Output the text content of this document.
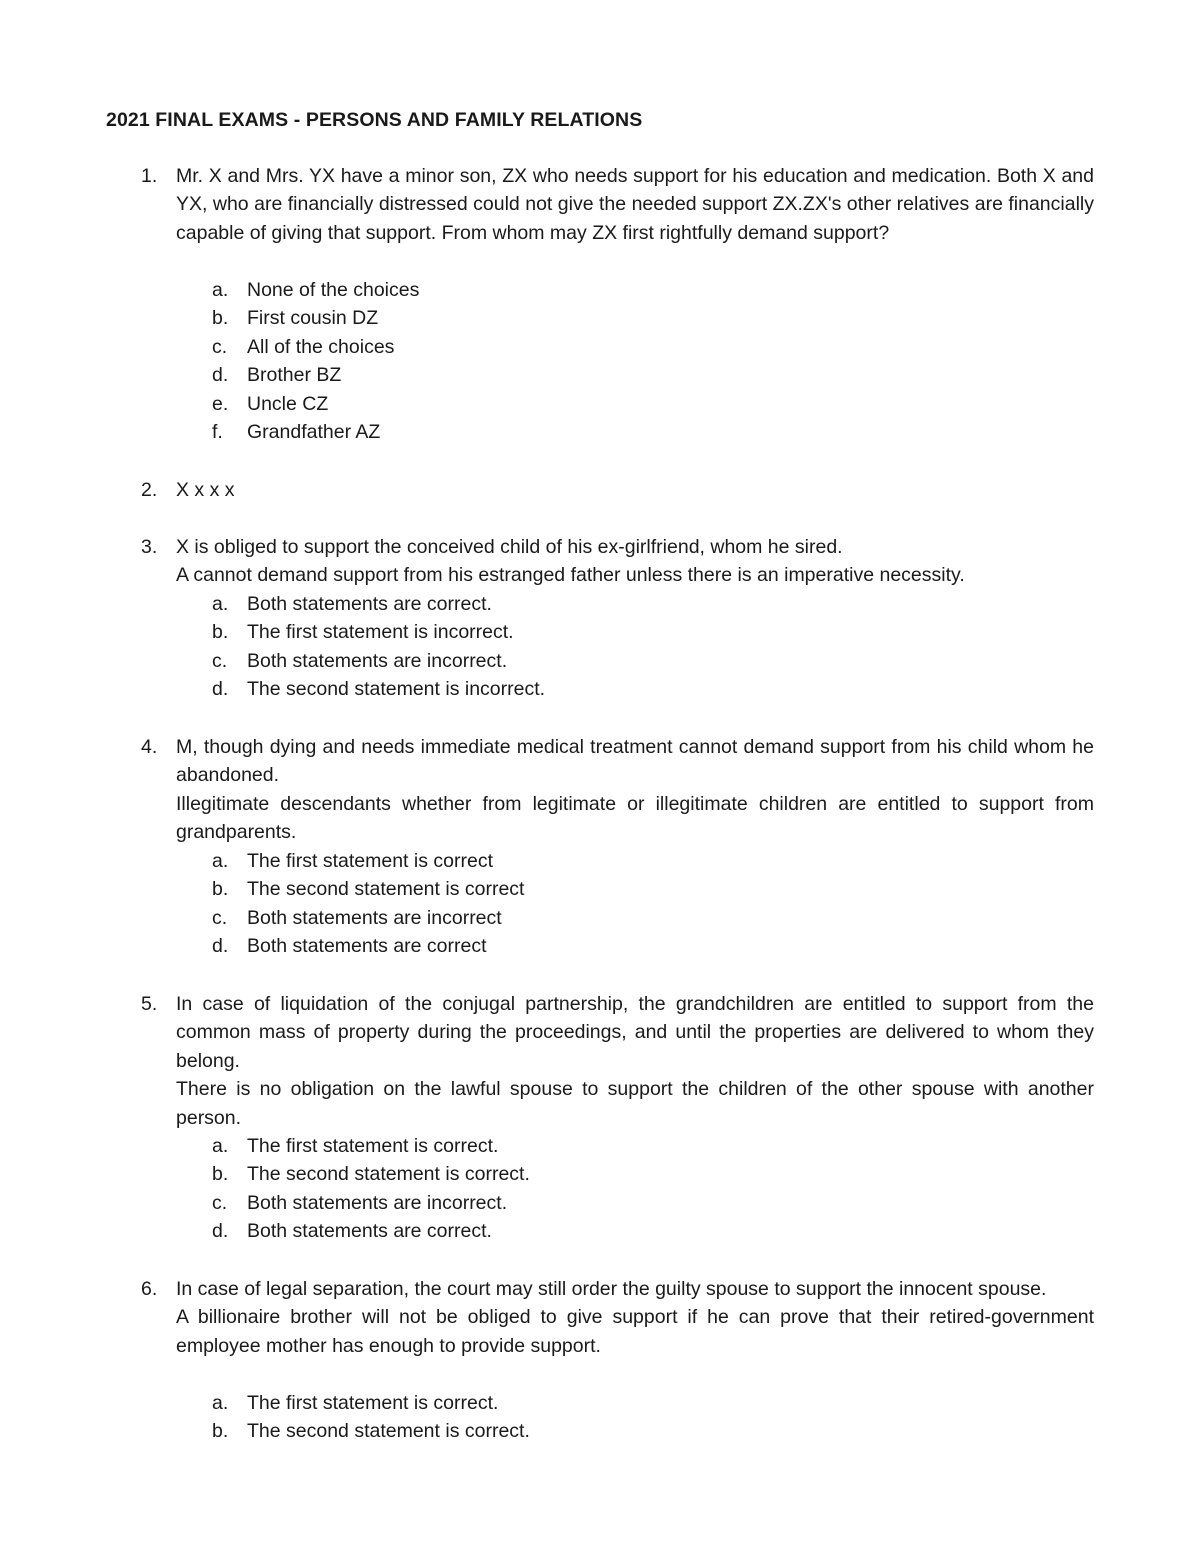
2021 FINAL EXAMS - PERSONS AND FAMILY RELATIONS
1. Mr. X and Mrs. YX have a minor son, ZX who needs support for his education and medication. Both X and YX, who are financially distressed could not give the needed support ZX.ZX's other relatives are financially capable of giving that support. From whom may ZX first rightfully demand support?

a. None of the choices
b. First cousin DZ
c. All of the choices
d. Brother BZ
e. Uncle CZ
f. Grandfather AZ
2. X x x x

3. X is obliged to support the conceived child of his ex-girlfriend, whom he sired.

A cannot demand support from his estranged father unless there is an imperative necessity.

a. Both statements are correct.
b. The first statement is incorrect.
c. Both statements are incorrect.
d. The second statement is incorrect.
4. M, though dying and needs immediate medical treatment cannot demand support from his child whom he abandoned.

Illegitimate descendants whether from legitimate or illegitimate children are entitled to support from grandparents.

a. The first statement is correct
b. The second statement is correct
c. Both statements are incorrect
d. Both statements are correct
5. In case of liquidation of the conjugal partnership, the grandchildren are entitled to support from the common mass of property during the proceedings, and until the properties are delivered to whom they belong.

There is no obligation on the lawful spouse to support the children of the other spouse with another person.

a. The first statement is correct.
b. The second statement is correct.
c. Both statements are incorrect.
d. Both statements are correct.
6. In case of legal separation, the court may still order the guilty spouse to support the innocent spouse.

A billionaire brother will not be obliged to give support if he can prove that their retired-government employee mother has enough to provide support.

a. The first statement is correct.
b. The second statement is correct.
